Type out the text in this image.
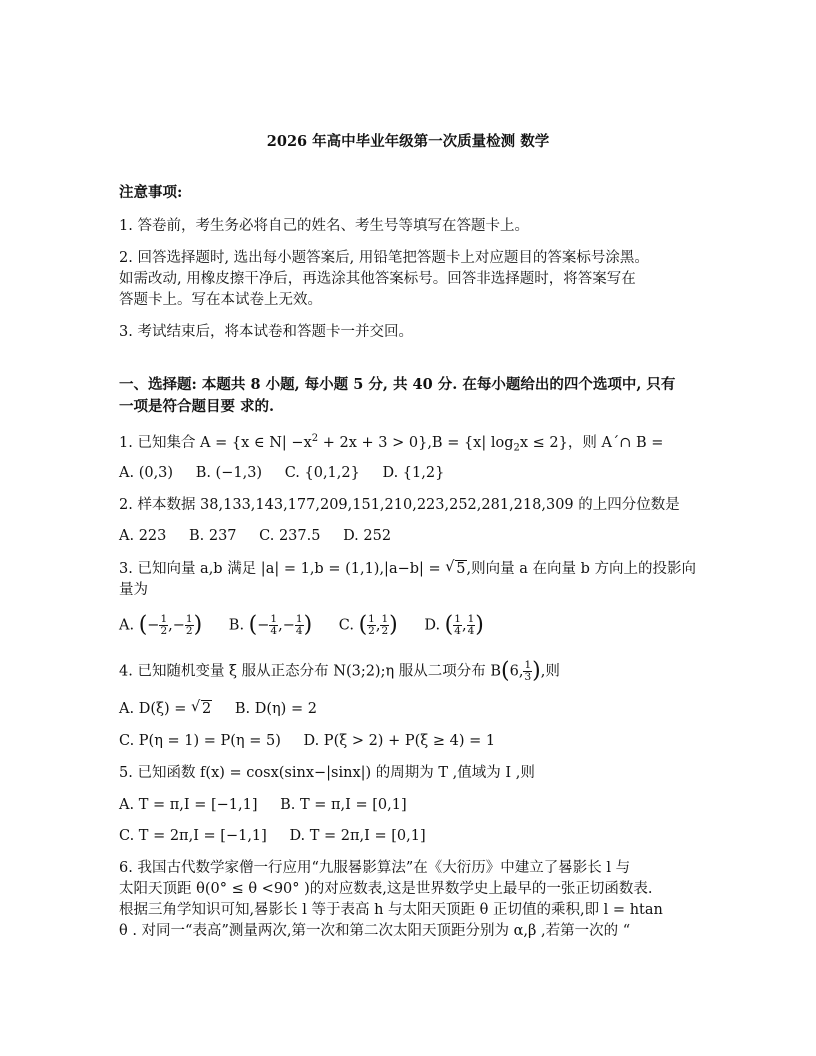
2026 年高中毕业年级第一次质量检测 数学
注意事项:
1. 答卷前，考生务必将自己的姓名、考生号等填写在答题卡上。
2. 回答选择题时, 选出每小题答案后, 用铅笔把答题卡上对应题目的答案标号涂黑。
如需改动, 用橡皮擦干净后，再选涂其他答案标号。回答非选择题时，将答案写在
答题卡上。写在本试卷上无效。
3. 考试结束后，将本试卷和答题卡一并交回。
一、选择题: 本题共 8 小题, 每小题 5 分, 共 40 分. 在每小题给出的四个选项中, 只有
一项是符合题目要 求的.
1. 已知集合 A = {x ∈ $N| -x^2 + 2x + 3 > 0\},B = \{x|$ $\log_2x \le 2$}，则 A´∩ B =
A. (0,3) B. (−1,3) C. {0,1,2} D. {1,2}
2. 样本数据 38,133,143,177,209,151,210,223,252,281,218,309 的上四分位数是
A. 223 B. 237 C. 237.5 D. 252
3. 已知向量 a,b 满足 |a| = 1,b = (1,1),|a−b| = √ 5,则向量 a 在向量 b 方向上的投影向
量为
A. (− $\frac{1}{2}$ ,− $\frac{1}{2}$ ) B. (− $\frac{1}{4}$ ,− $\frac{1}{4}$ ) C. ( $\frac{1}{2}$ , $\frac{1}{2}$ ) D. ( $\frac{1}{4}$ , $\frac{1}{4}$ )
4. 已知随机变量 ξ 服从正态分布 N(3;2);η 服从二项分布 B(6, $\frac{1}{3}$ ),则
A. D(ξ) = √ 2 B. D(η) = 2
C. P(η = 1) = P(η = 5) D. P(ξ > 2) + P(ξ ≥ 4) = 1
5. 已知函数 f(x) = cosx(sinx−|sinx|) 的周期为 T ,值域为 I ,则
A. T = π,I = [−1,1] B. T = π,I = [0,1]
C. T = 2π,I = [−1,1] D. T = 2π,I = [0,1]
6. 我国古代数学家僧一行应用“九服晷影算法”在《大衍历》中建立了晷影长 l 与
太阳天顶距 θ(0° ≤ θ <90° )的对应数表,这是世界数学史上最早的一张正切函数表.
根据三角学知识可知,晷影长 l 等于表高 h 与太阳天顶距 θ 正切值的乘积,即 l = htan
θ . 对同一“表高”测量两次,第一次和第二次太阳天顶距分别为 α,β ,若第一次的 “
